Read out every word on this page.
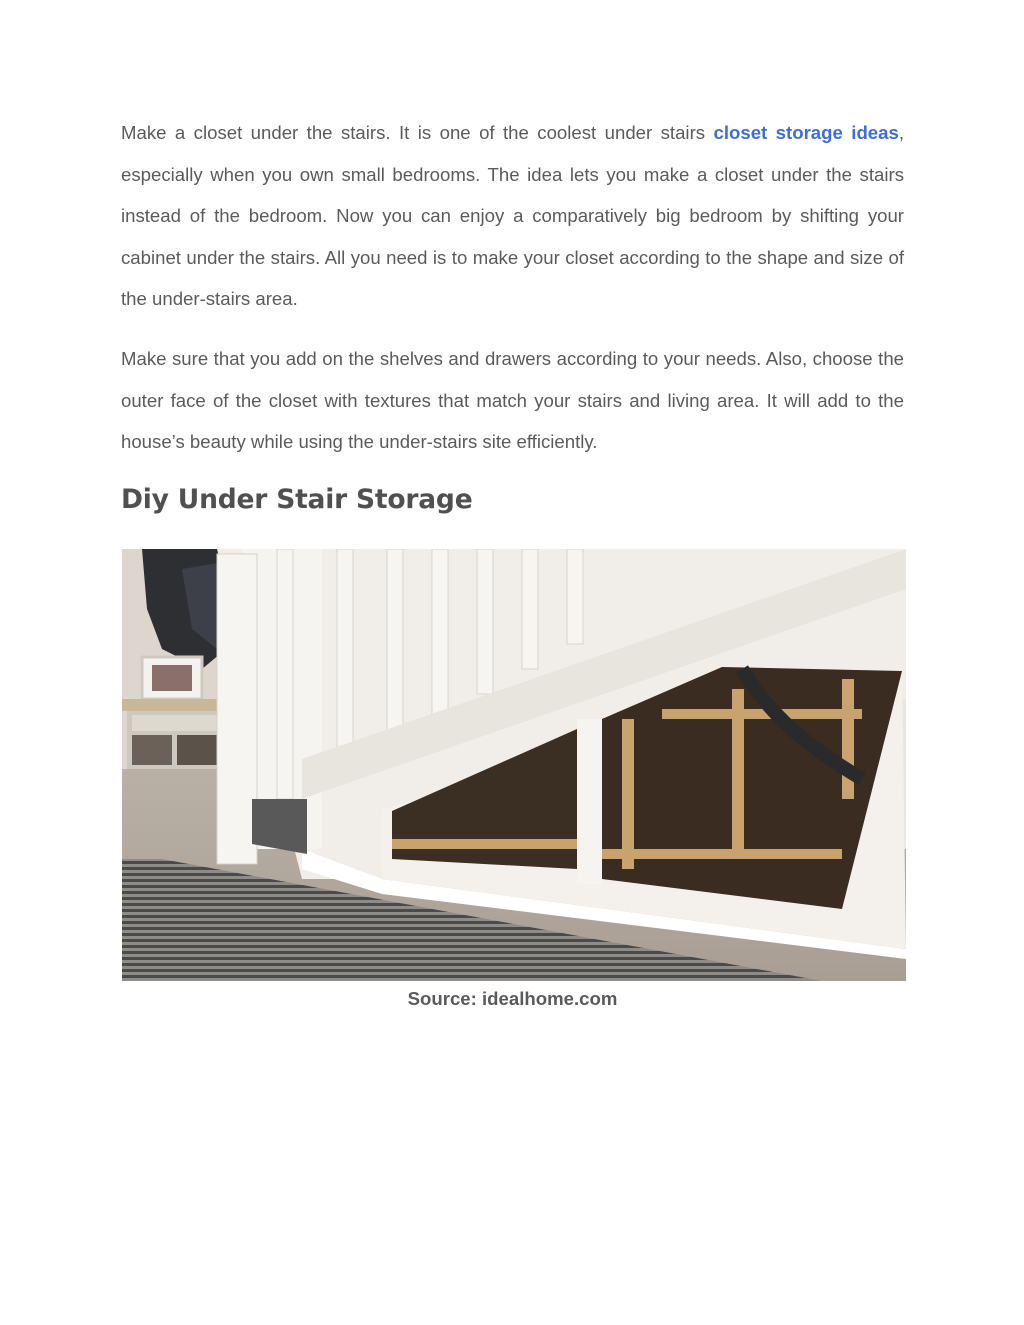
Make a closet under the stairs. It is one of the coolest under stairs closet storage ideas, especially when you own small bedrooms. The idea lets you make a closet under the stairs instead of the bedroom. Now you can enjoy a comparatively big bedroom by shifting your cabinet under the stairs. All you need is to make your closet according to the shape and size of the under-stairs area.

Make sure that you add on the shelves and drawers according to your needs. Also, choose the outer face of the closet with textures that match your stairs and living area. It will add to the house’s beauty while using the under-stairs site efficiently.

Diy Under Stair Storage

Source: idealhome.com
